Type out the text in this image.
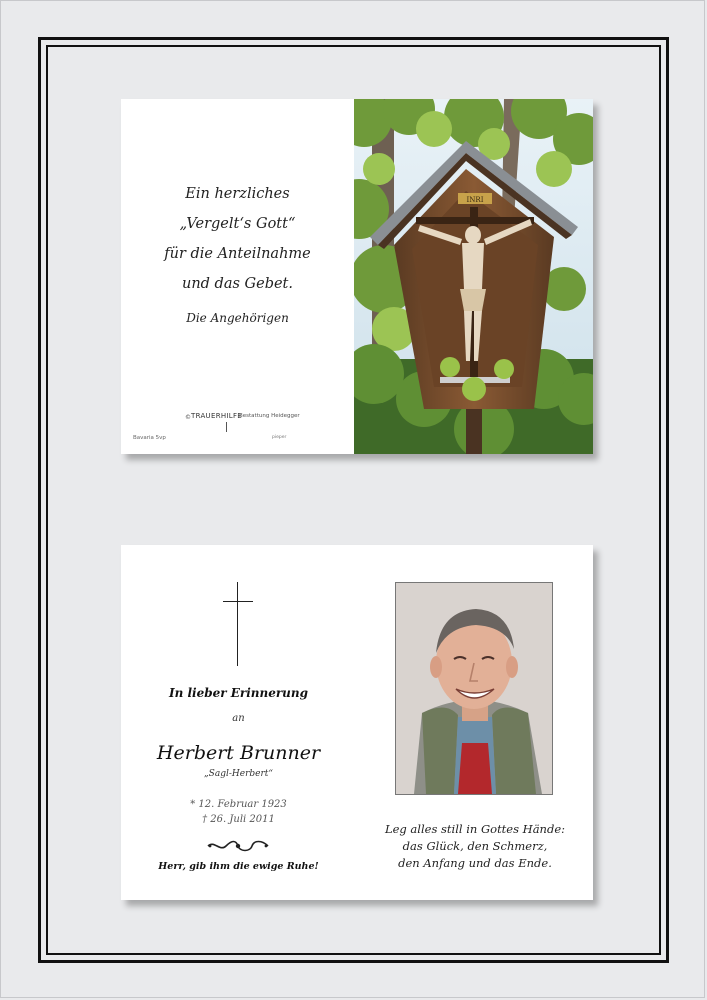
Ein herzliches
„Vergelt‘s Gott“
für die Anteilnahme
und das Gebet.
Die Angehörigen
© TRAUERHILFE
Bestattung Heidegger
Bavaria 5vp	pieper
INRI
In lieber Erinnerung
an
Herbert Brunner
„Sagl-Herbert“
* 12. Februar 1923
† 26. Juli 2011
Herr, gib ihm die ewige Ruhe!
Leg alles still in Gottes Hände:
das Glück, den Schmerz,
den Anfang und das Ende.
